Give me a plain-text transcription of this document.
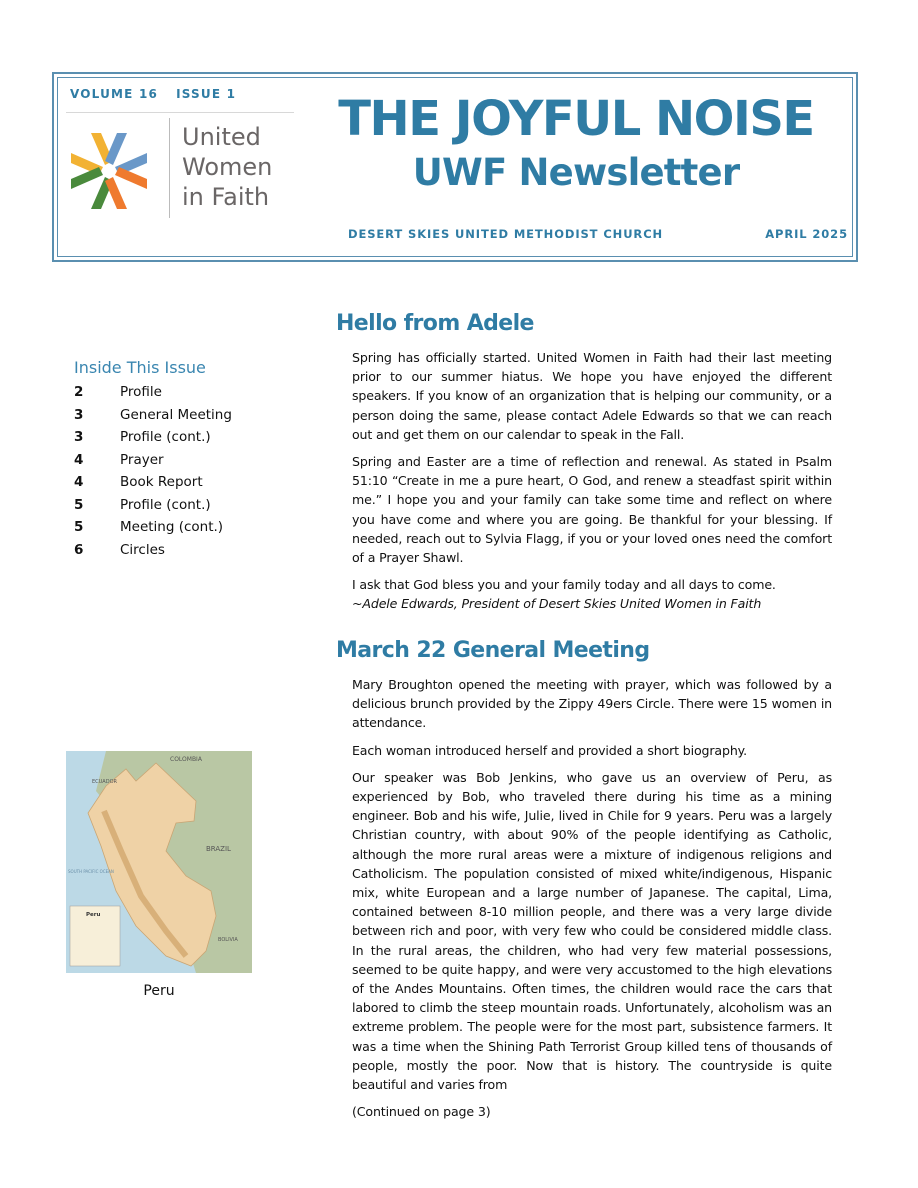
VOLUME 16 ISSUE 1
United
Women
in Faith
THE JOYFUL NOISE
UWF Newsletter
DESERT SKIES UNITED METHODIST CHURCH	APRIL 2025
Inside This Issue
2	Profile
3	General Meeting
3	Profile (cont.)
4	Prayer
4	Book Report
5	Profile (cont.)
5	Meeting (cont.)
6	Circles
COLOMBIA
ECUADOR
BRAZIL
SOUTH PACIFIC OCEAN
BOLIVIA
Peru
Peru
Hello from Adele

Spring has officially started. United Women in Faith had their last meeting prior to our summer hiatus. We hope you have enjoyed the different speakers. If you know of an organization that is helping our community, or a person doing the same, please contact Adele Edwards so that we can reach out and get them on our calendar to speak in the Fall.

Spring and Easter are a time of reflection and renewal. As stated in Psalm 51:10 “Create in me a pure heart, O God, and renew a steadfast spirit within me.” I hope you and your family can take some time and reflect on where you have come and where you are going. Be thankful for your blessing. If needed, reach out to Sylvia Flagg, if you or your loved ones need the comfort of a Prayer Shawl.

I ask that God bless you and your family today and all days to come.
~Adele Edwards, President of Desert Skies United Women in Faith

March 22 General Meeting

Mary Broughton opened the meeting with prayer, which was followed by a delicious brunch provided by the Zippy 49ers Circle. There were 15 women in attendance.

Each woman introduced herself and provided a short biography.

Our speaker was Bob Jenkins, who gave us an overview of Peru, as experienced by Bob, who traveled there during his time as a mining engineer. Bob and his wife, Julie, lived in Chile for 9 years. Peru was a largely Christian country, with about 90% of the people identifying as Catholic, although the more rural areas were a mixture of indigenous religions and Catholicism. The population consisted of mixed white/indigenous, Hispanic mix, white European and a large number of Japanese. The capital, Lima, contained between 8-10 million people, and there was a very large divide between rich and poor, with very few who could be considered middle class. In the rural areas, the children, who had very few material possessions, seemed to be quite happy, and were very accustomed to the high elevations of the Andes Mountains. Often times, the children would race the cars that labored to climb the steep mountain roads. Unfortunately, alcoholism was an extreme problem. The people were for the most part, subsistence farmers. It was a time when the Shining Path Terrorist Group killed tens of thousands of people, mostly the poor. Now that is history. The countryside is quite beautiful and varies from

(Continued on page 3)
